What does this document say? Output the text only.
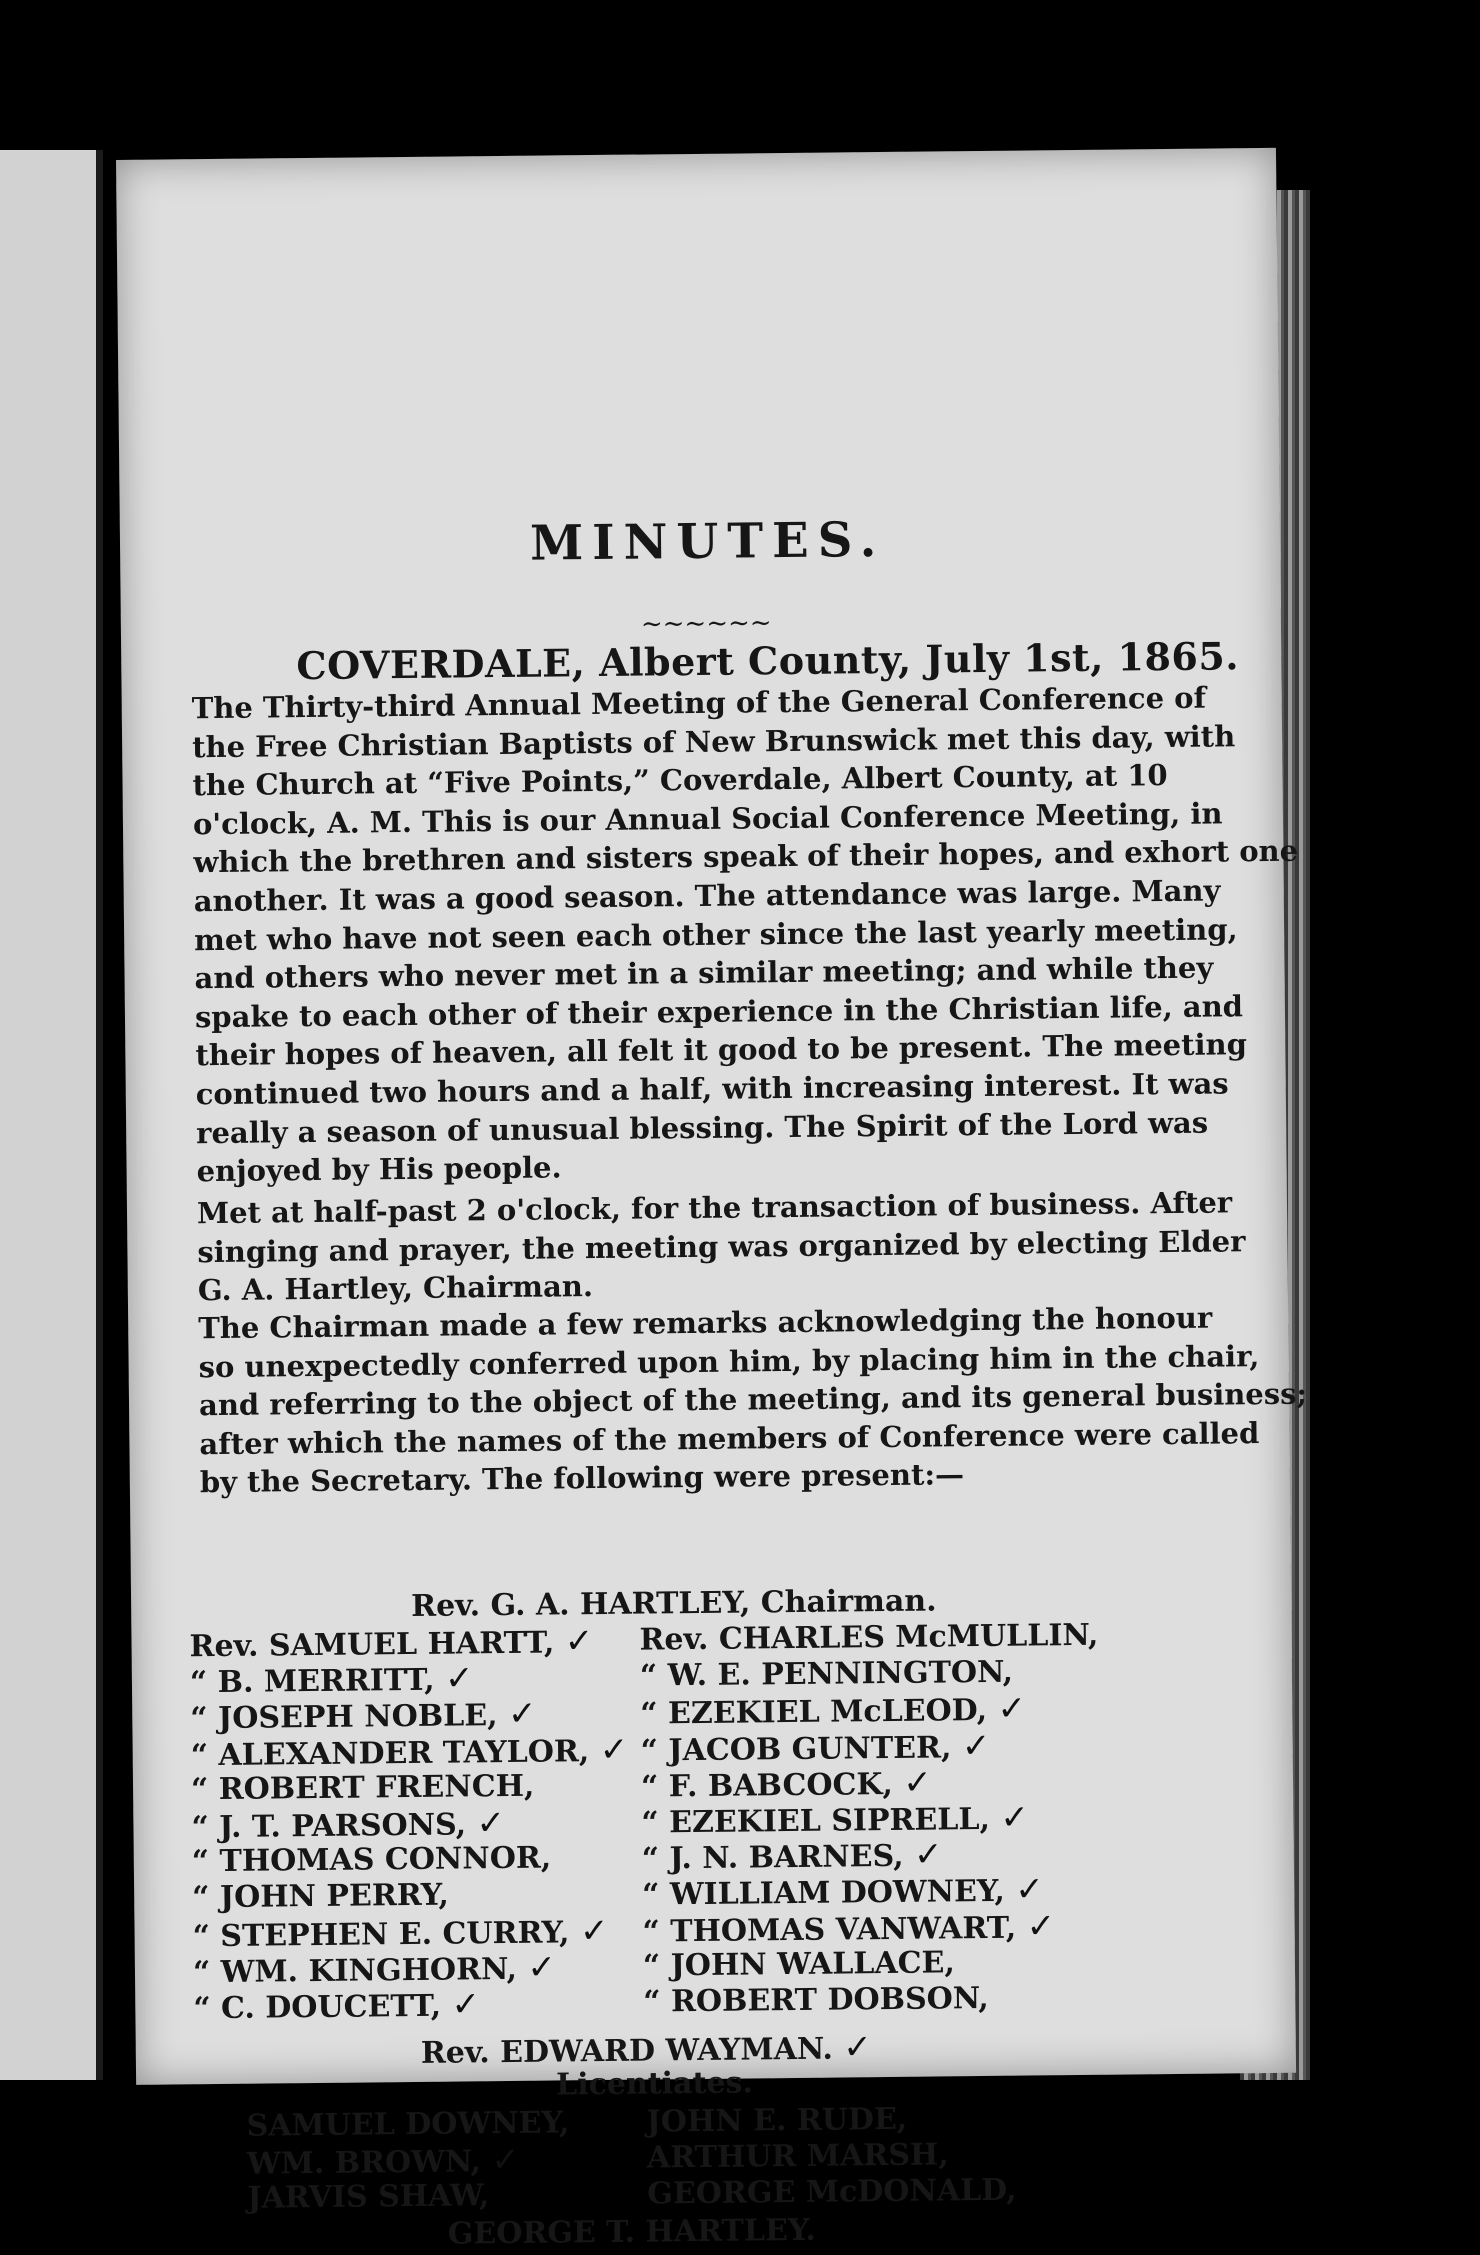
MINUTES.
~~~~~~
COVERDALE, Albert County, July 1st, 1865.
The Thirty-third Annual Meeting of the General Conference of
the Free Christian Baptists of New Brunswick met this day, with
the Church at “Five Points,” Coverdale, Albert County, at 10
o'clock, A. M. This is our Annual Social Conference Meeting, in
which the brethren and sisters speak of their hopes, and exhort one
another. It was a good season. The attendance was large. Many
met who have not seen each other since the last yearly meeting,
and others who never met in a similar meeting; and while they
spake to each other of their experience in the Christian life, and
their hopes of heaven, all felt it good to be present. The meeting
continued two hours and a half, with increasing interest. It was
really a season of unusual blessing. The Spirit of the Lord was
enjoyed by His people.
Met at half-past 2 o'clock, for the transaction of business. After
singing and prayer, the meeting was organized by electing Elder
G. A. Hartley, Chairman.
The Chairman made a few remarks acknowledging the honour
so unexpectedly conferred upon him, by placing him in the chair,
and referring to the object of the meeting, and its general business;
after which the names of the members of Conference were called
by the Secretary. The following were present:—
Rev. G. A. HARTLEY, Chairman.
Rev. SAMUEL HARTT, ✓ Rev. CHARLES McMULLIN,
“ B. MERRITT, ✓	“ W. E. PENNINGTON,
“ JOSEPH NOBLE, ✓	“ EZEKIEL McLEOD, ✓
“ ALEXANDER TAYLOR, ✓ “ JACOB GUNTER, ✓
“ ROBERT FRENCH,	“ F. BABCOCK, ✓
“ J. T. PARSONS, ✓	“ EZEKIEL SIPRELL, ✓
“ THOMAS CONNOR,	“ J. N. BARNES, ✓
“ JOHN PERRY,	“ WILLIAM DOWNEY, ✓
“ STEPHEN E. CURRY, ✓ “ THOMAS VANWART, ✓
“ WM. KINGHORN, ✓	“ JOHN WALLACE,
“ C. DOUCETT, ✓	“ ROBERT DOBSON,
Rev. EDWARD WAYMAN. ✓
Licentiates.
SAMUEL DOWNEY,	JOHN E. RUDE,
WM. BROWN, ✓	ARTHUR MARSH,
JARVIS SHAW,	GEORGE McDONALD,
GEORGE T. HARTLEY.
